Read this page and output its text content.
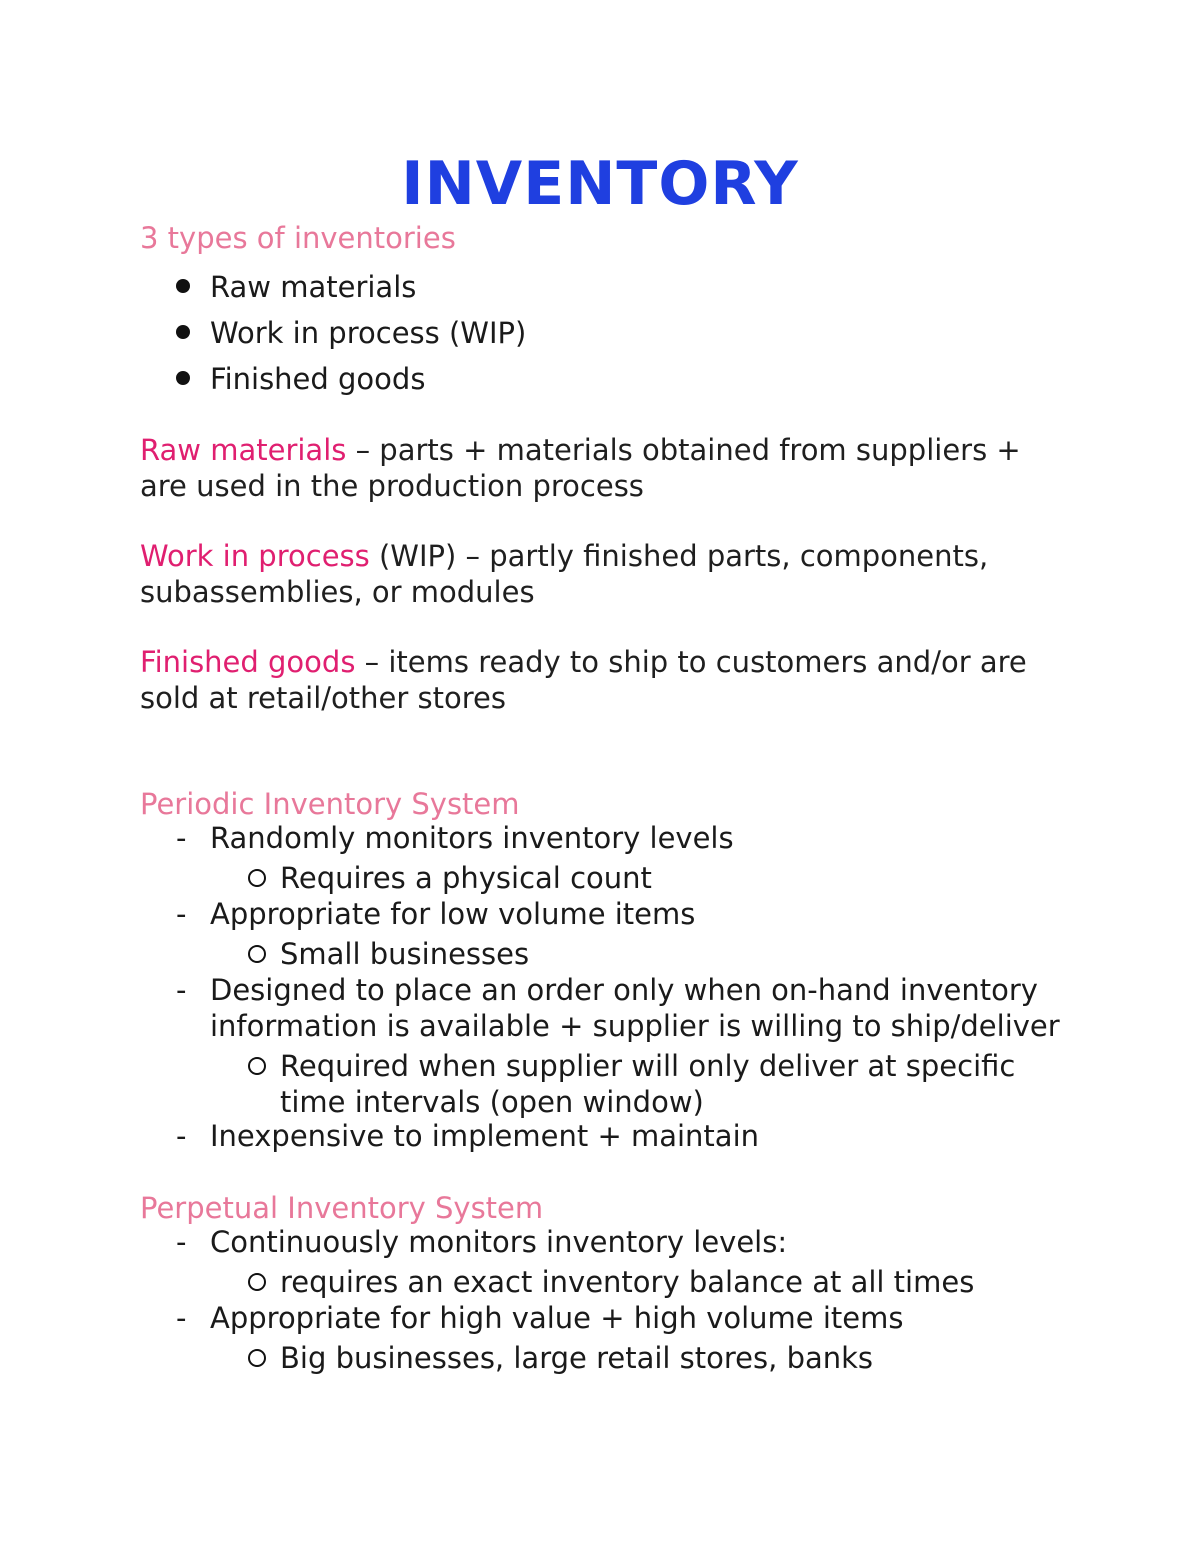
INVENTORY
3 types of inventories
Raw materials
Work in process (WIP)
Finished goods
Raw materials – parts + materials obtained from suppliers +
are used in the production process
Work in process (WIP) – partly finished parts, components,
subassemblies, or modules
Finished goods – items ready to ship to customers and/or are
sold at retail/other stores
Periodic Inventory System
- Randomly monitors inventory levels
Requires a physical count
- Appropriate for low volume items
Small businesses
- Designed to place an order only when on-hand inventory
information is available + supplier is willing to ship/deliver
Required when supplier will only deliver at specific
time intervals (open window)
- Inexpensive to implement + maintain
Perpetual Inventory System
- Continuously monitors inventory levels:
requires an exact inventory balance at all times
- Appropriate for high value + high volume items
Big businesses, large retail stores, banks
